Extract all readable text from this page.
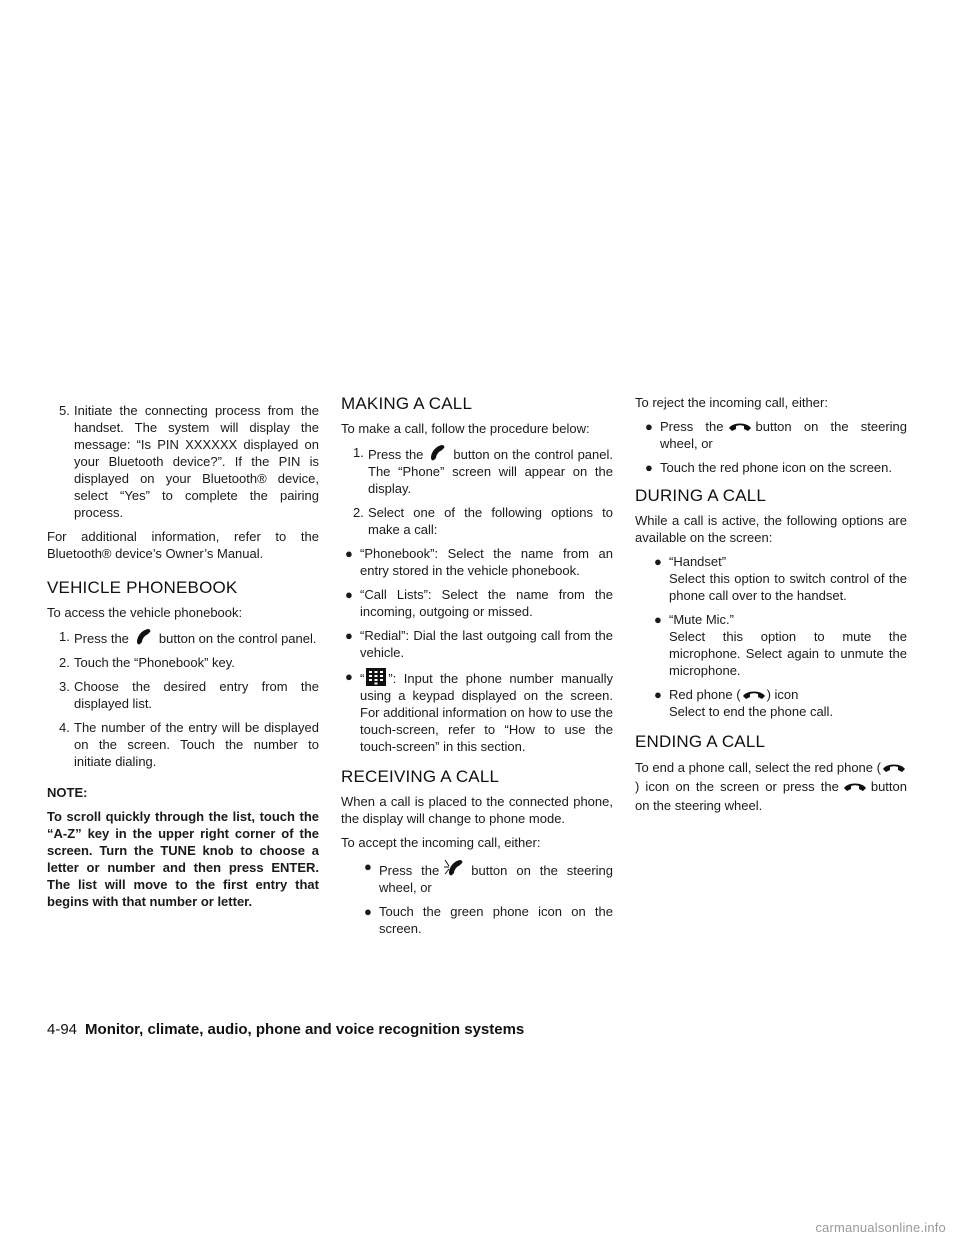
5. Initiate the connecting process from the handset. The system will display the message: “Is PIN XXXXXX displayed on your Bluetooth device?”. If the PIN is displayed on your Bluetooth® device, select “Yes” to complete the pairing process.

For additional information, refer to the Bluetooth® device’s Owner’s Manual.

VEHICLE PHONEBOOK

To access the vehicle phonebook:

1. Press the button on the control panel.
2. Touch the “Phonebook” key.
3. Choose the desired entry from the displayed list.
4. The number of the entry will be displayed on the screen. Touch the number to initiate dialing.
NOTE:

To scroll quickly through the list, touch the “A-Z” key in the upper right corner of the screen. Turn the TUNE knob to choose a letter or number and then press ENTER. The list will move to the first entry that begins with that number or letter.

MAKING A CALL

To make a call, follow the procedure below:

1. Press the button on the control panel. The “Phone” screen will appear on the display.
2. Select one of the following options to make a call:
● “Phonebook”: Select the name from an entry stored in the vehicle phonebook.
● “Call Lists”: Select the name from the incoming, outgoing or missed.
● “Redial”: Dial the last outgoing call from the vehicle.
● “ ”: Input the phone number manually using a keypad displayed on the screen. For additional information on how to use the touch-screen, refer to “How to use the touch-screen” in this section.
RECEIVING A CALL

When a call is placed to the connected phone, the display will change to phone mode.

To accept the incoming call, either:

● Press the button on the steering wheel, or
● Touch the green phone icon on the screen.

To reject the incoming call, either:

● Press the button on the steering wheel, or
● Touch the red phone icon on the screen.
DURING A CALL

While a call is active, the following options are available on the screen:

● “Handset”
Select this option to switch control of the phone call over to the handset.
● “Mute Mic.”
Select this option to mute the microphone. Select again to unmute the microphone.
● Red phone ( ) icon
Select to end the phone call.
ENDING A CALL

To end a phone call, select the red phone (
) icon on the screen or press the button on the steering wheel.

4-94 Monitor, climate, audio, phone and voice recognition systems
carmanualsonline.info
